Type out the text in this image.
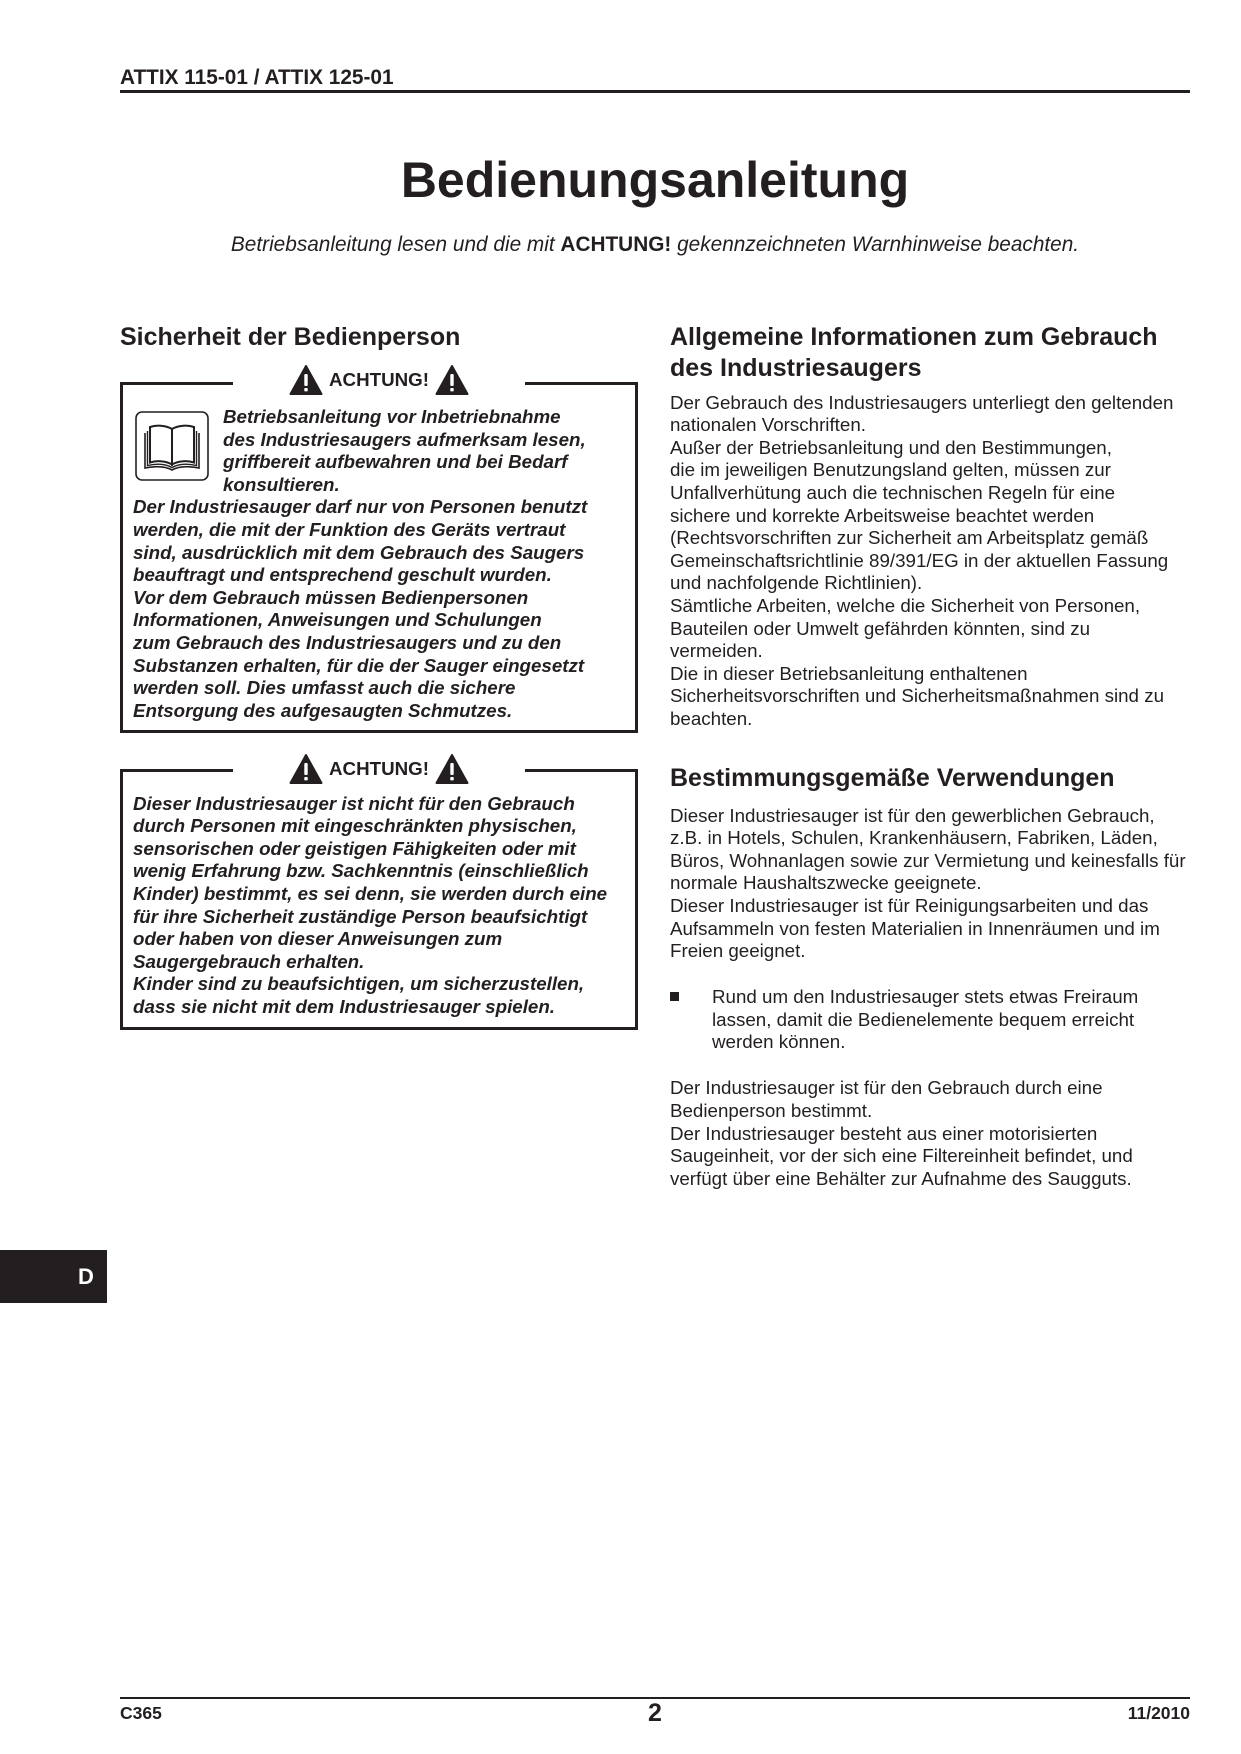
ATTIX 115-01 / ATTIX 125-01
Bedienungsanleitung
Betriebsanleitung lesen und die mit ACHTUNG! gekennzeichneten Warnhinweise beachten.
Sicherheit der Bedienperson
ACHTUNG!
Betriebsanleitung vor Inbetriebnahme
des Industriesaugers aufmerksam lesen,
griffbereit aufbewahren und bei Bedarf
konsultieren.
Der Industriesauger darf nur von Personen benutzt
werden, die mit der Funktion des Geräts vertraut
sind, ausdrücklich mit dem Gebrauch des Saugers
beauftragt und entsprechend geschult wurden.
Vor dem Gebrauch müssen Bedienpersonen
Informationen, Anweisungen und Schulungen
zum Gebrauch des Industriesaugers und zu den
Substanzen erhalten, für die der Sauger eingesetzt
werden soll. Dies umfasst auch die sichere
Entsorgung des aufgesaugten Schmutzes.
ACHTUNG!
Dieser Industriesauger ist nicht für den Gebrauch
durch Personen mit eingeschränkten physischen,
sensorischen oder geistigen Fähigkeiten oder mit
wenig Erfahrung bzw. Sachkenntnis (einschließlich
Kinder) bestimmt, es sei denn, sie werden durch eine
für ihre Sicherheit zuständige Person beaufsichtigt
oder haben von dieser Anweisungen zum
Saugergebrauch erhalten.
Kinder sind zu beaufsichtigen, um sicherzustellen,
dass sie nicht mit dem Industriesauger spielen.
Allgemeine Informationen zum Gebrauch
des Industriesaugers
Der Gebrauch des Industriesaugers unterliegt den geltenden
nationalen Vorschriften.
Außer der Betriebsanleitung und den Bestimmungen,
die im jeweiligen Benutzungsland gelten, müssen zur
Unfallverhütung auch die technischen Regeln für eine
sichere und korrekte Arbeitsweise beachtet werden
(Rechtsvorschriften zur Sicherheit am Arbeitsplatz gemäß
Gemeinschaftsrichtlinie 89/391/EG in der aktuellen Fassung
und nachfolgende Richtlinien).
Sämtliche Arbeiten, welche die Sicherheit von Personen,
Bauteilen oder Umwelt gefährden könnten, sind zu
vermeiden.
Die in dieser Betriebsanleitung enthaltenen
Sicherheitsvorschriften und Sicherheitsmaßnahmen sind zu
beachten.
Bestimmungsgemäße Verwendungen
Dieser Industriesauger ist für den gewerblichen Gebrauch,
z.B. in Hotels, Schulen, Krankenhäusern, Fabriken, Läden,
Büros, Wohnanlagen sowie zur Vermietung und keinesfalls für
normale Haushaltszwecke geeignete.
Dieser Industriesauger ist für Reinigungsarbeiten und das
Aufsammeln von festen Materialien in Innenräumen und im
Freien geeignet.
Rund um den Industriesauger stets etwas Freiraum
lassen, damit die Bedienelemente bequem erreicht
werden können.
Der Industriesauger ist für den Gebrauch durch eine
Bedienperson bestimmt.
Der Industriesauger besteht aus einer motorisierten
Saugeinheit, vor der sich eine Filtereinheit befindet, und
verfügt über eine Behälter zur Aufnahme des Saugguts.
D
C365	2	11/2010
